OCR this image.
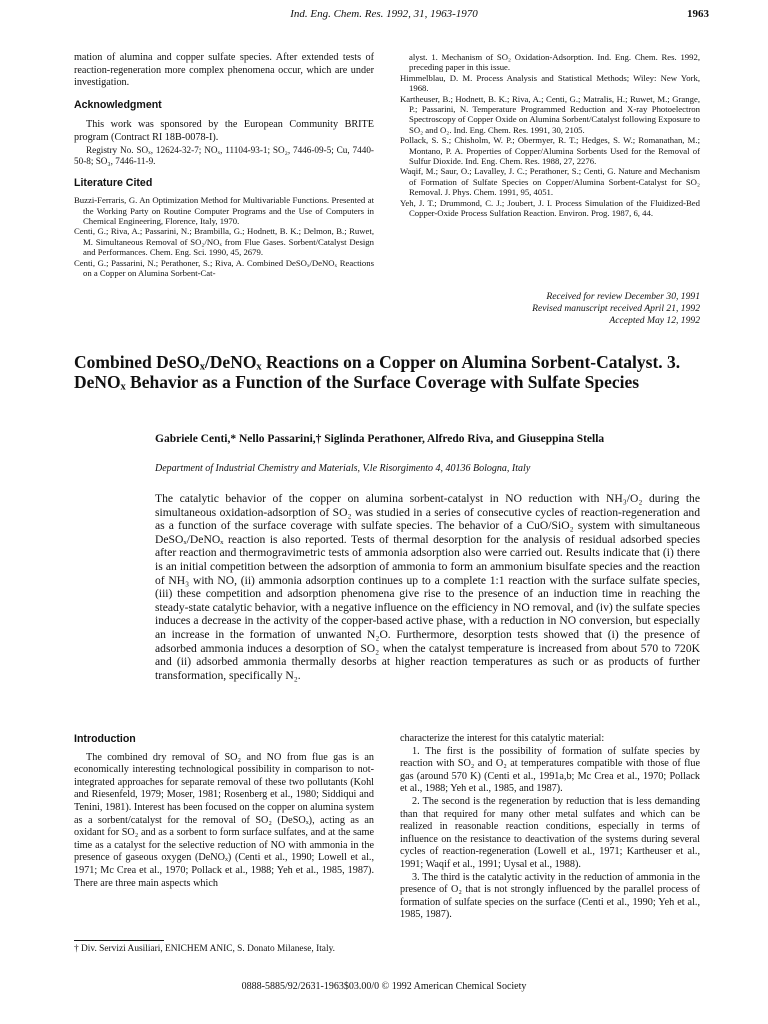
Ind. Eng. Chem. Res. 1992, 31, 1963-1970	1963

mation of alumina and copper sulfate species. After extended tests of reaction-regeneration more complex phenomena occur, which are under investigation.

Acknowledgment

This work was sponsored by the European Community BRITE program (Contract RI 18B-0078-I).

Registry No. SOₓ, 12624-32-7; NOₓ, 11104-93-1; SO₂, 7446-09-5; Cu, 7440-50-8; SO₃, 7446-11-9.

Literature Cited

Buzzi-Ferraris, G. An Optimization Method for Multivariable Functions. Presented at the Working Party on Routine Computer Programs and the Use of Computers in Chemical Engineering, Florence, Italy, 1970.

Centi, G.; Riva, A.; Passarini, N.; Brambilla, G.; Hodnett, B. K.; Delmon, B.; Ruwet, M. Simultaneous Removal of SO₂/NOₓ from Flue Gases. Sorbent/Catalyst Design and Performances. Chem. Eng. Sci. 1990, 45, 2679.

Centi, G.; Passarini, N.; Perathoner, S.; Riva, A. Combined DeSOₓ/DeNOₓ Reactions on a Copper on Alumina Sorbent-Cat-

alyst. 1. Mechanism of SO₂ Oxidation-Adsorption. Ind. Eng. Chem. Res. 1992, preceding paper in this issue.

Himmelblau, D. M. Process Analysis and Statistical Methods; Wiley: New York, 1968.

Kartheuser, B.; Hodnett, B. K.; Riva, A.; Centi, G.; Matralis, H.; Ruwet, M.; Grange, P.; Passarini, N. Temperature Programmed Reduction and X-ray Photoelectron Spectroscopy of Copper Oxide on Alumina Sorbent/Catalyst following Exposure to SO₂ and O₂. Ind. Eng. Chem. Res. 1991, 30, 2105.

Pollack, S. S.; Chisholm, W. P.; Obermyer, R. T.; Hedges, S. W.; Romanathan, M.; Montano, P. A. Properties of Copper/Alumina Sorbents Used for the Removal of Sulfur Dioxide. Ind. Eng. Chem. Res. 1988, 27, 2276.

Waqif, M.; Saur, O.; Lavalley, J. C.; Perathoner, S.; Centi, G. Nature and Mechanism of Formation of Sulfate Species on Copper/Alumina Sorbent-Catalyst for SO₂ Removal. J. Phys. Chem. 1991, 95, 4051.

Yeh, J. T.; Drummond, C. J.; Joubert, J. I. Process Simulation of the Fluidized-Bed Copper-Oxide Process Sulfation Reaction. Environ. Prog. 1987, 6, 44.

Received for review December 30, 1991
Revised manuscript received April 21, 1992
Accepted May 12, 1992
Combined DeSOₓ/DeNOₓ Reactions on a Copper on Alumina Sorbent-Catalyst. 3. DeNOₓ Behavior as a Function of the Surface Coverage with Sulfate Species

Gabriele Centi,* Nello Passarini,† Siglinda Perathoner, Alfredo Riva, and Giuseppina Stella

Department of Industrial Chemistry and Materials, V.le Risorgimento 4, 40136 Bologna, Italy

The catalytic behavior of the copper on alumina sorbent-catalyst in NO reduction with NH₃/O₂ during the simultaneous oxidation-adsorption of SO₂ was studied in a series of consecutive cycles of reaction-regeneration and as a function of the surface coverage with sulfate species. The behavior of a CuO/SiO₂ system with simultaneous DeSOₓ/DeNOₓ reaction is also reported. Tests of thermal desorption for the analysis of residual adsorbed species after reaction and thermogravimetric tests of ammonia adsorption also were carried out. Results indicate that (i) there is an initial competition between the adsorption of ammonia to form an ammonium bisulfate species and the reaction of NH₃ with NO, (ii) ammonia adsorption continues up to a complete 1:1 reaction with the surface sulfate species, (iii) these competition and adsorption phenomena give rise to the presence of an induction time in reaching the steady-state catalytic behavior, with a negative influence on the efficiency in NO removal, and (iv) the sulfate species induces a decrease in the activity of the copper-based active phase, with a reduction in NO conversion, but especially an increase in the formation of unwanted N₂O. Furthermore, desorption tests showed that (i) the presence of adsorbed ammonia induces a desorption of SO₂ when the catalyst temperature is increased from about 570 to 720K and (ii) adsorbed ammonia thermally desorbs at higher reaction temperatures as such or as products of further transformation, specifically N₂.

Introduction

The combined dry removal of SO₂ and NO from flue gas is an economically interesting technological possibility in comparison to not-integrated approaches for separate removal of these two pollutants (Kohl and Riesenfeld, 1979; Moser, 1981; Rosenberg et al., 1980; Siddiqui and Tenini, 1981). Interest has been focused on the copper on alumina system as a sorbent/catalyst for the removal of SO₂ (DeSOₓ), acting as an oxidant for SO₂ and as a sorbent to form surface sulfates, and at the same time as a catalyst for the selective reduction of NO with ammonia in the presence of gaseous oxygen (DeNOₓ) (Centi et al., 1990; Lowell et al., 1971; Mc Crea et al., 1970; Pollack et al., 1988; Yeh et al., 1985, 1987). There are three main aspects which

characterize the interest for this catalytic material:

1. The first is the possibility of formation of sulfate species by reaction with SO₂ and O₂ at temperatures compatible with those of flue gas (around 570 K) (Centi et al., 1991a,b; Mc Crea et al., 1970; Pollack et al., 1988; Yeh et al., 1985, and 1987).

2. The second is the regeneration by reduction that is less demanding than that required for many other metal sulfates and which can be realized in reasonable reaction conditions, especially in terms of influence on the resistance to deactivation of the systems during several cycles of reaction-regeneration (Lowell et al., 1971; Kartheuser et al., 1991; Waqif et al., 1991; Uysal et al., 1988).

3. The third is the catalytic activity in the reduction of ammonia in the presence of O₂ that is not strongly influenced by the parallel process of formation of sulfate species on the surface (Centi et al., 1990; Yeh et al., 1985, 1987).

† Div. Servizi Ausiliari, ENICHEM ANIC, S. Donato Milanese, Italy.

0888-5885/92/2631-1963$03.00/0 © 1992 American Chemical Society
